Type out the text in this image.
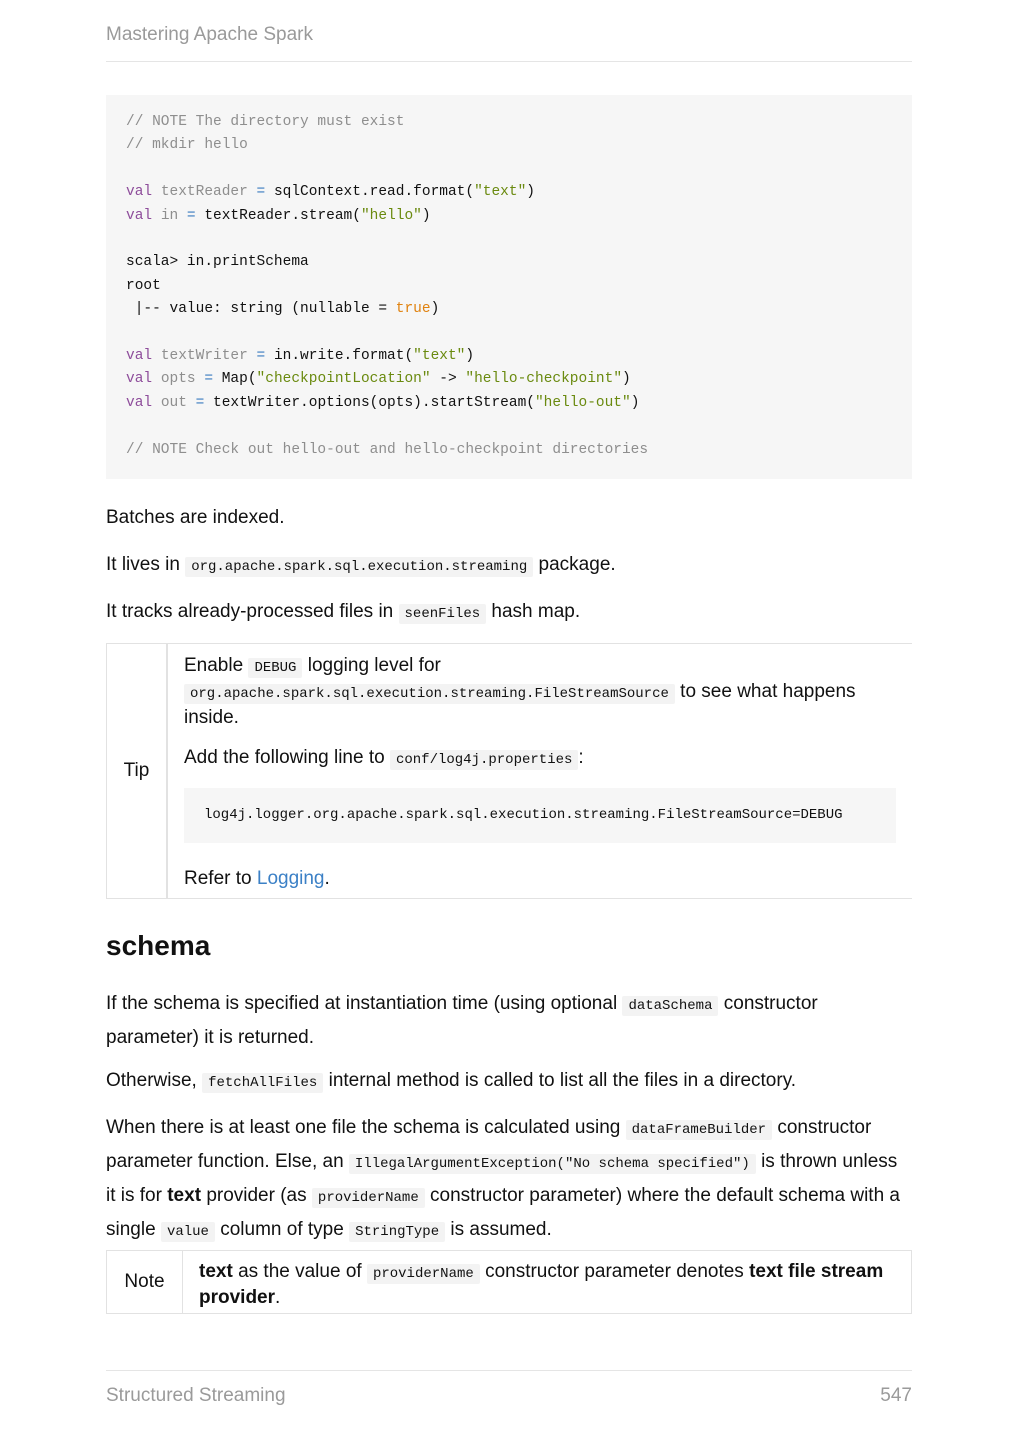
Mastering Apache Spark
// NOTE The directory must exist
// mkdir hello

val textReader = sqlContext.read.format("text")
val in = textReader.stream("hello")

scala> in.printSchema
root
|-- value: string (nullable = true)

val textWriter = in.write.format("text")
val opts = Map("checkpointLocation" -> "hello-checkpoint")
val out = textWriter.options(opts).startStream("hello-out")

// NOTE Check out hello-out and hello-checkpoint directories

Batches are indexed.

It lives in org.apache.spark.sql.execution.streaming package.

It tracks already-processed files in seenFiles hash map.

Tip
Enable DEBUG logging level for
org.apache.spark.sql.execution.streaming.FileStreamSource to see what happens inside.
Add the following line to conf/log4j.properties :
log4j.logger.org.apache.spark.sql.execution.streaming.FileStreamSource=DEBUG
Refer to Logging.
schema

If the schema is specified at instantiation time (using optional dataSchema constructor parameter) it is returned.

Otherwise, fetchAllFiles internal method is called to list all the files in a directory.

When there is at least one file the schema is calculated using dataFrameBuilder constructor parameter function. Else, an IllegalArgumentException("No schema specified") is thrown unless it is for text provider (as providerName constructor parameter) where the default schema with a single value column of type StringType is assumed.

Note	text as the value of providerName constructor parameter denotes text file stream provider.
Structured Streaming	547
